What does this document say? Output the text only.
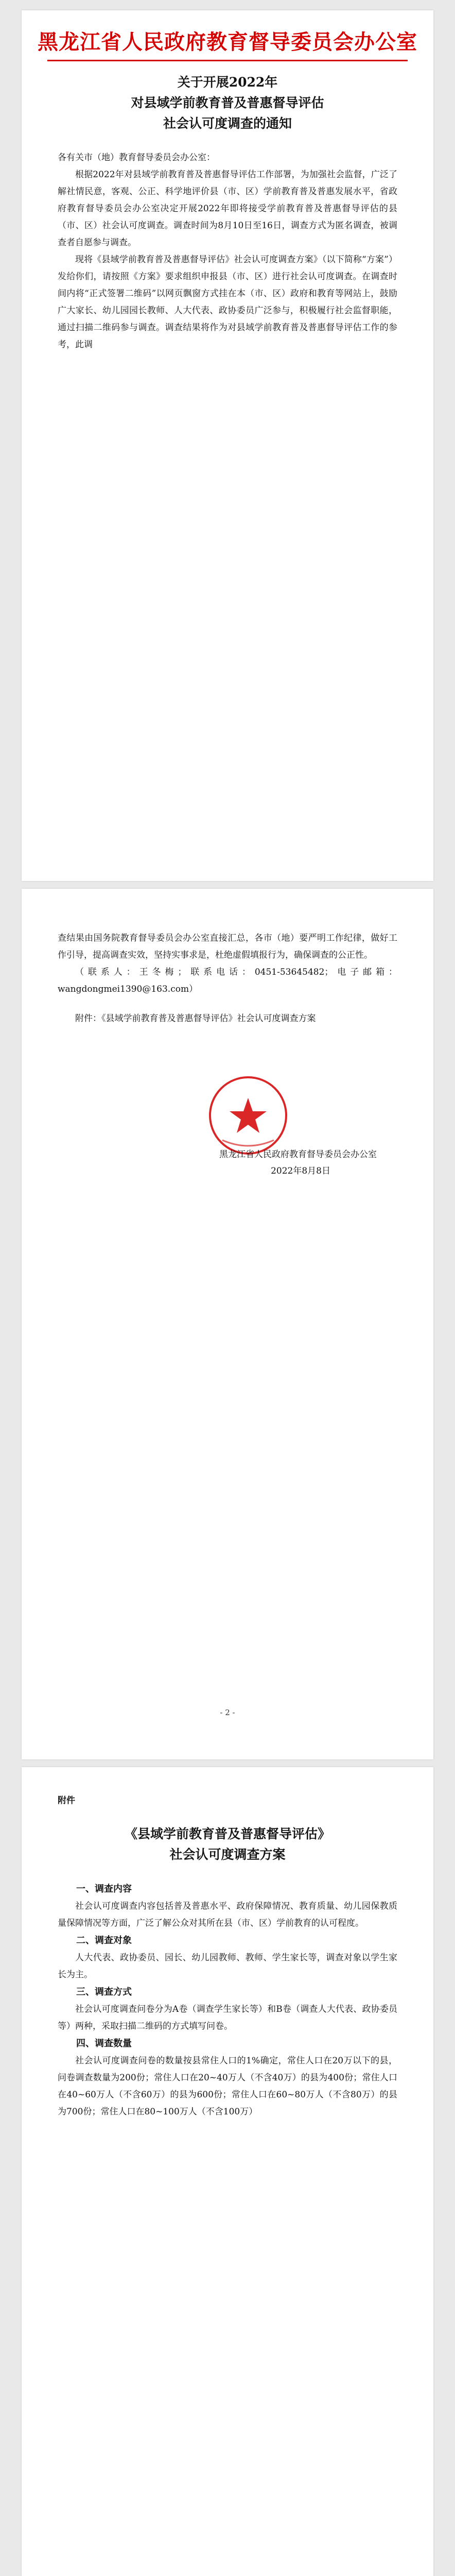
黑龙江省人民政府教育督导委员会办公室
关于开展2022年
对县域学前教育普及普惠督导评估
社会认可度调查的通知

各有关市（地）教育督导委员会办公室：

根据2022年对县域学前教育普及普惠督导评估工作部署，为加强社会监督，广泛了解社情民意，客观、公正、科学地评价县（市、区）学前教育普及普惠发展水平，省政府教育督导委员会办公室决定开展2022年即将接受学前教育普及普惠督导评估的县（市、区）社会认可度调查。调查时间为8月10日至16日，调查方式为匿名调查，被调查者自愿参与调查。

现将《县域学前教育普及普惠督导评估》社会认可度调查方案》（以下简称“方案”）发给你们，请按照《方案》要求组织申报县（市、区）进行社会认可度调查。在调查时间内将“正式签署二维码”以网页飘窗方式挂在本（市、区）政府和教育等网站上，鼓励广大家长、幼儿园园长教师、人大代表、政协委员广泛参与，积极履行社会监督职能，通过扫描二维码参与调查。调查结果将作为对县域学前教育普及普惠督导评估工作的参考，此调

查结果由国务院教育督导委员会办公室直接汇总，各市（地）要严明工作纪律，做好工作引导，提高调查实效，坚持实事求是，杜绝虚假填报行为，确保调查的公正性。

（联系人：王冬梅；联系电话：0451-53645482；电子邮箱：wangdongmei1390@163.com）

附件：《县域学前教育普及普惠督导评估》社会认可度调查方案

黑龙江省人民政府教育督导委员会办公室
2022年8月8日
- 2 -
附件
《县域学前教育普及普惠督导评估》
社会认可度调查方案
一、调查内容

社会认可度调查内容包括普及普惠水平、政府保障情况、教育质量、幼儿园保教质量保障情况等方面，广泛了解公众对其所在县（市、区）学前教育的认可程度。

二、调查对象

人大代表、政协委员、园长、幼儿园教师、教师、学生家长等，调查对象以学生家长为主。

三、调查方式

社会认可度调查问卷分为A卷（调查学生家长等）和B卷（调查人大代表、政协委员等）两种，采取扫描二维码的方式填写问卷。

四、调查数量

社会认可度调查问卷的数量按县常住人口的1%确定，常住人口在20万以下的县，问卷调查数量为200份；常住人口在20~40万人（不含40万）的县为400份；常住人口在40~60万人（不含60万）的县为600份；常住人口在60~80万人（不含80万）的县为700份；常住人口在80~100万人（不含100万）
